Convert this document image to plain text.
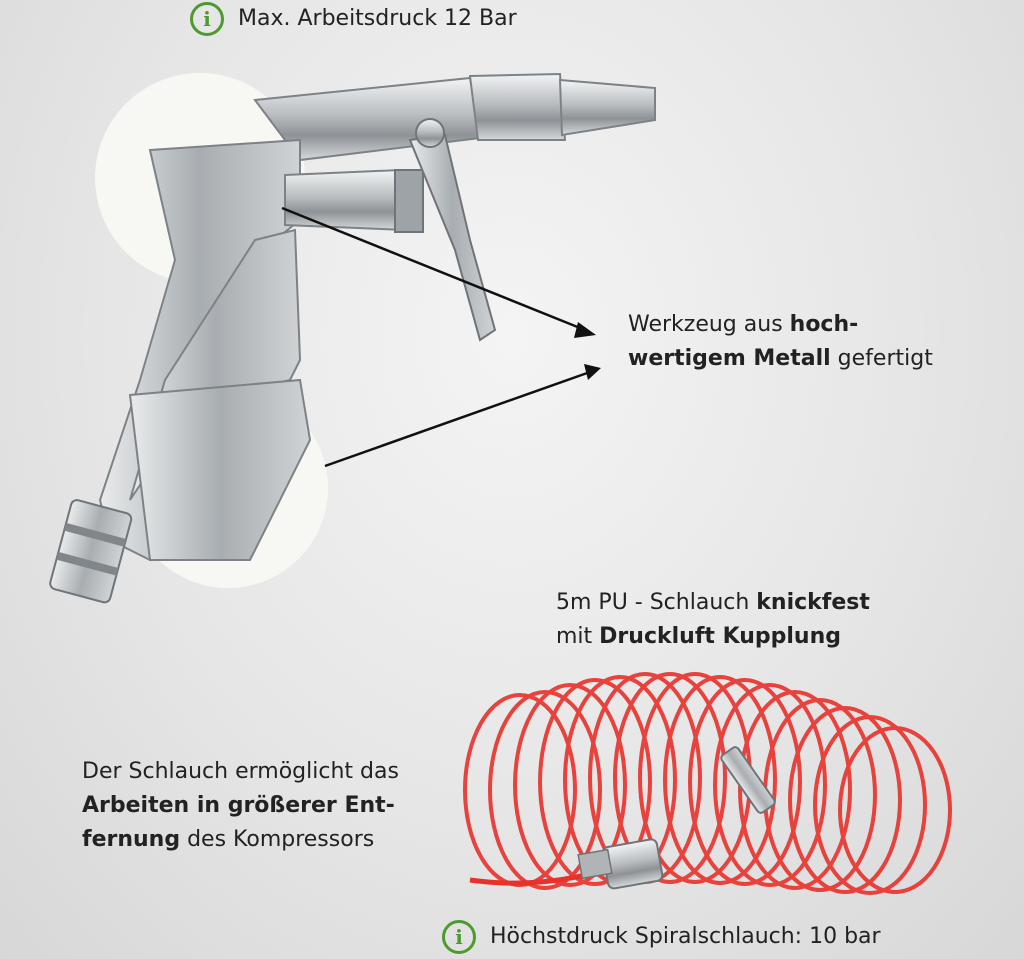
i	Max. Arbeitsdruck 12 Bar
Werkzeug aus hoch-
wertigem Metall gefertigt
5m PU - Schlauch knickfest
mit Druckluft Kupplung
Der Schlauch ermöglicht das
Arbeiten in größerer Ent-
fernung des Kompressors
i	Höchstdruck Spiralschlauch: 10 bar
